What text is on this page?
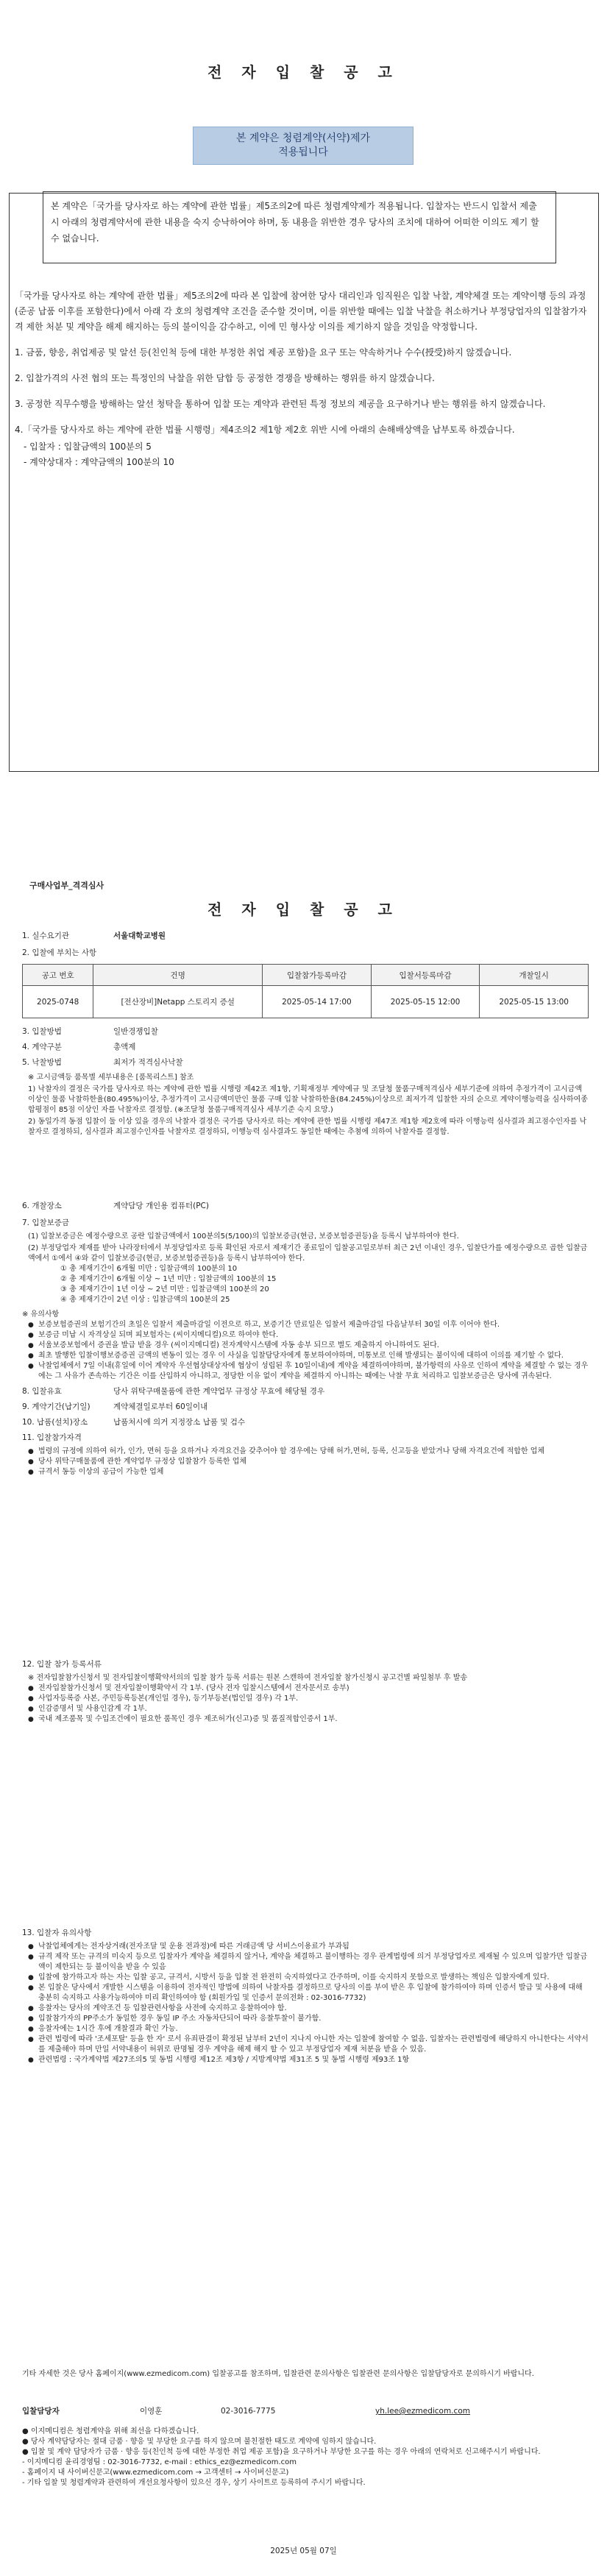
전 자 입 찰 공 고
본 계약은 청렴계약(서약)제가
적용됩니다
본 계약은「국가를 당사자로 하는 계약에 관한 법률」제5조의2에 따른 청렴계약제가 적용됩니다. 입찰자는 반드시 입찰서 제출 시 아래의 청렴계약서에 관한 내용을 숙지 승낙하여야 하며, 동 내용을 위반한 경우 당사의 조치에 대하여 어떠한 이의도 제기 할 수 없습니다.

「국가를 당사자로 하는 계약에 관한 법률」제5조의2에 따라 본 입찰에 참여한 당사 대리인과 임직원은 입찰 낙찰, 계약체결 또는 계약이행 등의 과정(준공 납품 이후를 포함한다)에서 아래 각 호의 청렴계약 조건을 준수할 것이며, 이를 위반할 때에는 입찰 낙찰을 취소하거나 부정당업자의 입찰참가자격 제한 처분 및 계약을 해제 해지하는 등의 불이익을 감수하고, 이에 민 형사상 이의를 제기하지 않을 것임을 약정합니다.

1. 금품, 향응, 취업제공 및 알선 등(친인척 등에 대한 부정한 취업 제공 포함)을 요구 또는 약속하거나 수수(授受)하지 않겠습니다.

2. 입찰가격의 사전 협의 또는 특정인의 낙찰을 위한 담합 등 공정한 경쟁을 방해하는 행위를 하지 않겠습니다.

3. 공정한 직무수행을 방해하는 알선 청탁을 통하여 입찰 또는 계약과 관련된 특정 정보의 제공을 요구하거나 받는 행위를 하지 않겠습니다.

4.「국가를 당사자로 하는 계약에 관한 법률 시행령」제4조의2 제1항 제2호 위반 시에 아래의 손해배상액을 납부토록 하겠습니다.

- 입찰자 : 입찰금액의 100분의 5
- 계약상대자 : 계약금액의 100분의 10
구매사업부_격격심사
전 자 입 찰 공 고
1. 실수요기관	서울대학교병원
2. 입찰에 부치는 사항
공고 번호	건명	입찰참가등록마감	입찰서등록마감	개찰일시
2025-0748	[전산장비]Netapp 스토리지 증설	2025-05-14 17:00	2025-05-15 12:00	2025-05-15 13:00
3. 입찰방법	일반경쟁입찰
4. 계약구분	총액제
5. 낙찰방법	최저가 적격심사낙찰
※ 고시금액등 품목별 세부내용은 [품목리스트] 참조
1) 낙찰자의 결정은 국가를 당사자로 하는 계약에 관한 법률 시행령 제42조 제1항, 기획재정부 계약예규 및 조달청 물품구매적격심사 세부기준에 의하여 추정가격이 고시금액이상인 물품 낙찰하한율(80.495%)이상, 추정가격이 고시금액미만인 물품 구매 입찰 낙찰하한율(84.245%)이상으로 최저가격 입찰한 자의 순으로 계약이행능력을 심사하여종합평점이 85점 이상인 자를 낙찰자로 결정함. (※조달청 물품구매적격심사 세부기준 숙지 요망.)
2) 동일가격 동점 입찰이 둘 이상 있을 경우의 낙찰자 결정은 국가를 당사자로 하는 계약에 관한 법률 시행령 제47조 제1항 제2호에 따라 이행능력 심사결과 최고점수인자를 낙찰자로 결정하되, 심사결과 최고점수인자를 낙찰자로 결정하되, 이행능력 심사결과도 동일한 때에는 추첨에 의하여 낙찰자를 결정함.
6. 개찰장소	계약담당 개인용 컴퓨터(PC)
7. 입찰보증금
(1) 입찰보증금은 예정수량으로 공란 입찰금액에서 100분의5(5/100)의 입찰보증금(현금, 보증보험증권등)을 등록시 납부하여야 한다.
(2) 부정당업자 제재를 받아 나라장터에서 부정당업자로 등록 확인된 자로서 제재기간 종료일이 입찰공고일로부터 최근 2년 이내인 경우, 입찰단가를 예정수량으로 곱한 입찰금액에서 ①에서 ④와 같이 입찰보증금(현금, 보증보험증권등)을 등록시 납부하여야 한다.
① 총 제재기간이 6개월 미만 : 입찰금액의 100분의 10
② 총 제재기간이 6개월 이상 ~ 1년 미만 : 입찰금액의 100분의 15
③ 총 제재기간이 1년 이상 ~ 2년 미만 : 입찰금액의 100분의 20
④ 총 제재기간이 2년 이상 : 입찰금액의 100분의 25
※ 유의사항
● 보증보험증권의 보험기간의 초일은 입찰서 제출마감일 이전으로 하고, 보증기간 만료일은 입찰서 제출마감일 다음날부터 30일 이후 이어야 한다.
● 보증금 미납 시 자격상실 되며 피보험자는 (씨이지메디컬)으로 하여야 한다.
● 서울보증보험에서 증권을 발급 받을 경우 (씨이지메디컬) 전자계약시스템에 자동 송부 되므로 별도 제출하지 아니하여도 된다.
● 최초 발행한 입찰이행보증증권 금액의 변동이 있는 경우 이 사실을 입찰담당자에게 통보하여야하며, 미통보로 인해 발생되는 불이익에 대하여 이의를 제기할 수 없다.
● 낙찰업체에서 7일 이내(휴일에 이어 계약자 우선협상대상자에 협상이 성립된 후 10일이내)에 계약을 체결하여야하며, 불가항력의 사유로 인하여 계약을 체결할 수 없는 경우에는 그 사유가 존속하는 기간은 이를 산입하지 아니하고, 정당한 이유 없이 계약을 체결하지 아니하는 때에는 낙찰 무효 처리하고 입찰보증금은 당사에 귀속된다.
8. 입찰유효	당사 위탁구매물품에 관한 계약업무 규정상 무효에 해당될 경우
9. 계약기간(납기일)	계약체결일로부터 60일이내
10. 납품(설치)장소	납품처시에 의거 지정장소 납품 및 검수
11. 입찰참가자격
● 법령의 규정에 의하여 허가, 인가, 면허 등을 요하거나 자격요건을 갖추어야 할 경우에는 당해 허가,면허, 등록, 신고등을 받았거나 당해 자격요건에 적합한 업체
● 당사 위탁구매물품에 관한 계약업무 규정상 입찰참가 등록한 업체
● 규격서 동등 이상의 공급이 가능한 업체
12. 입찰 참가 등록서류
※ 전자입찰참가신청서 및 전자입찰이행확약서의의 입찰 참가 등록 서류는 원본 스캔하여 전자입찰 참가신청시 공고건별 파일첨부 후 발송
● 전자입찰참가신청서 및 전자입찰이행확약서 각 1부. (당사 전자 입찰시스템에서 전자문서로 송부)
● 사업자등록증 사본, 주민등록등본(개인일 경우), 등기부등본(법인일 경우) 각 1부.
● 인감증명서 및 사용인감계 각 1부.
● 국내 제조품목 및 수입조건에이 필요한 품목인 경우 제조허가(신고)증 및 품질적합인증서 1부.
13. 입찰자 유의사항
● 낙찰업체에게는 전자상거래(전자조달 및 운용 전과정)에 따른 거래금액 당 서비스이용료가 부과됨
● 규격 제작 또는 규격의 미숙지 등으로 입찰자가 계약을 체결하지 않거나, 계약을 체결하고 불이행하는 경우 관계법령에 의거 부정당업자로 제재될 수 있으며 입찰가만 입찰금액이 제한되는 등 불이익을 받을 수 있음
● 입찰에 참가하고자 하는 자는 입찰 공고, 규격서, 시방서 등을 입찰 전 완전히 숙지하였다고 간주하며, 이를 숙지하지 못함으로 발생하는 책임은 입찰자에게 있다.
● 본 입찰은 당사에서 개발한 시스템을 이용하여 전자적인 방법에 의하여 낙찰자를 결정하므로 당사의 이를 부여 받은 후 입찰에 참가하여야 하며 인증서 발급 및 사용에 대해 충분히 숙지하고 사용가능하여야 미리 확인하여야 함 (회원가입 및 인증서 문의전화 : 02-3016-7732)
● 응찰자는 당사의 계약조건 등 입찰관련사항을 사전에 숙지하고 응찰하여야 함.
● 입찰참가자의 PP주소가 동일한 경우 동일 IP 주소 자동차단되어 따라 응찰투찰이 불가함.
● 응찰자에는 1시간 후에 개찰결과 확인 가능.
● 관련 법령에 따라 '조세포탈' 등을 한 자' 로서 유죄판결이 확정된 날부터 2년이 지나지 아니한 자는 입찰에 참여할 수 없음. 입찰자는 관련법령에 해당하지 아니한다는 서약서를 제출해야 하며 만일 서약내용이 허위로 판명될 경우 계약을 해제 해지 할 수 있고 부정당업자 제재 처분을 받을 수 있음.
● 관련법령 : 국가계약법 제27조의5 및 동법 시행령 제12조 제3항 / 지방계약법 제31조 5 및 동법 시행령 제93조 1항
기타 자세한 것은 당사 홈페이지(www.ezmedicom.com) 입찰공고를 참조하며, 입찰관련 문의사항은 입찰관련 문의사항은 입찰담당자로 문의하시기 바랍니다.
입찰담당자	이영훈	02-3016-7775	yh.lee@ezmedicom.com
● 이지메디컴은 청렴계약을 위해 최선을 다하겠습니다.
● 당사 계약담당자는 절대 금품 · 향응 및 부당한 요구를 하지 않으며 불친절한 태도로 계약에 임하지 않습니다.
● 입찰 및 계약 담당자가 금품 · 향응 등(친인척 등에 대한 부정한 취업 제공 포함)을 요구하거나 부당한 요구를 하는 경우 아래의 연락처로 신고해주시기 바랍니다.
- 이지메디컴 윤리경영팀 : 02-3016-7732, e-mail : ethics_ez@ezmedicom.com
- 홈페이지 내 사이버신문고(www.ezmedicom.com → 고객센터 → 사이버신문고)
- 기타 입찰 및 청렴계약과 관련하여 개선요청사항이 있으신 경우, 상기 사이트로 등록하여 주시기 바랍니다.
2025년 05월 07일
